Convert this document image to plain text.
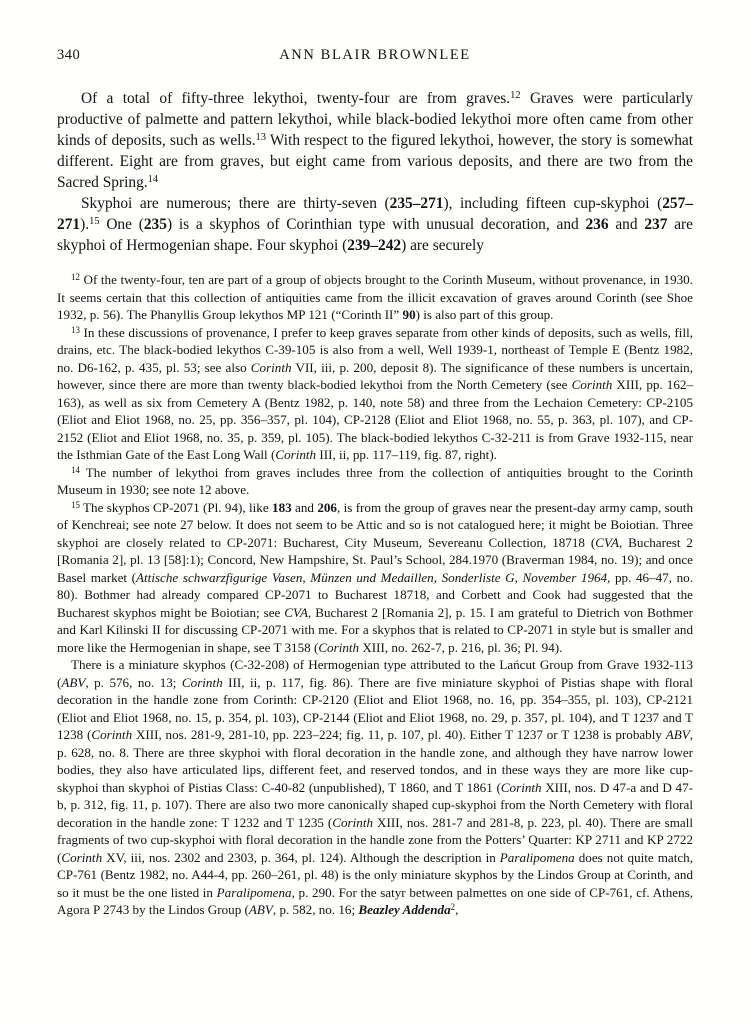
340	ANN BLAIR BROWNLEE

Of a total of fifty-three lekythoi, twenty-four are from graves.$^{12}$ Graves were particularly productive of palmette and pattern lekythoi, while black-bodied lekythoi more often came from other kinds of deposits, such as wells.$^{13}$ With respect to the figured lekythoi, however, the story is somewhat different. Eight are from graves, but eight came from various deposits, and there are two from the Sacred Spring.$^{14}$

Skyphoi are numerous; there are thirty-seven (235–271), including fifteen cup-skyphoi (257–271).$^{15}$ One (235) is a skyphos of Corinthian type with unusual decoration, and 236 and 237 are skyphoi of Hermogenian shape. Four skyphoi (239–242) are securely

$^{12}$ Of the twenty-four, ten are part of a group of objects brought to the Corinth Museum, without provenance, in 1930. It seems certain that this collection of antiquities came from the illicit excavation of graves around Corinth (see Shoe 1932, p. 56). The Phanyllis Group lekythos MP 121 (“Corinth II” 90) is also part of this group.

$^{13}$ In these discussions of provenance, I prefer to keep graves separate from other kinds of deposits, such as wells, fill, drains, etc. The black-bodied lekythos C-39-105 is also from a well, Well 1939-1, northeast of Temple E (Bentz 1982, no. D6-162, p. 435, pl. 53; see also Corinth VII, iii, p. 200, deposit 8). The significance of these numbers is uncertain, however, since there are more than twenty black-bodied lekythoi from the North Cemetery (see Corinth XIII, pp. 162–163), as well as six from Cemetery A (Bentz 1982, p. 140, note 58) and three from the Lechaion Cemetery: CP-2105 (Eliot and Eliot 1968, no. 25, pp. 356–357, pl. 104), CP-2128 (Eliot and Eliot 1968, no. 55, p. 363, pl. 107), and CP-2152 (Eliot and Eliot 1968, no. 35, p. 359, pl. 105). The black-bodied lekythos C-32-211 is from Grave 1932-115, near the Isthmian Gate of the East Long Wall (Corinth III, ii, pp. 117–119, fig. 87, right).

$^{14}$ The number of lekythoi from graves includes three from the collection of antiquities brought to the Corinth Museum in 1930; see note 12 above.

$^{15}$ The skyphos CP-2071 (Pl. 94), like 183 and 206, is from the group of graves near the present-day army camp, south of Kenchreai; see note 27 below. It does not seem to be Attic and so is not catalogued here; it might be Boiotian. Three skyphoi are closely related to CP-2071: Bucharest, City Museum, Severeanu Collection, 18718 (CVA, Bucharest 2 [Romania 2], pl. 13 [58]:1); Concord, New Hampshire, St. Paul’s School, 284.1970 (Braverman 1984, no. 19); and once Basel market (Attische schwarzfigurige Vasen, Münzen und Medaillen, Sonderliste G, November 1964, pp. 46–47, no. 80). Bothmer had already compared CP-2071 to Bucharest 18718, and Corbett and Cook had suggested that the Bucharest skyphos might be Boiotian; see CVA, Bucharest 2 [Romania 2], p. 15. I am grateful to Dietrich von Bothmer and Karl Kilinski II for discussing CP-2071 with me. For a skyphos that is related to CP-2071 in style but is smaller and more like the Hermogenian in shape, see T 3158 (Corinth XIII, no. 262-7, p. 216, pl. 36; Pl. 94).

There is a miniature skyphos (C-32-208) of Hermogenian type attributed to the Lańcut Group from Grave 1932-113 (ABV, p. 576, no. 13; Corinth III, ii, p. 117, fig. 86). There are five miniature skyphoi of Pistias shape with floral decoration in the handle zone from Corinth: CP-2120 (Eliot and Eliot 1968, no. 16, pp. 354–355, pl. 103), CP-2121 (Eliot and Eliot 1968, no. 15, p. 354, pl. 103), CP-2144 (Eliot and Eliot 1968, no. 29, p. 357, pl. 104), and T 1237 and T 1238 (Corinth XIII, nos. 281-9, 281-10, pp. 223–224; fig. 11, p. 107, pl. 40). Either T 1237 or T 1238 is probably ABV, p. 628, no. 8. There are three skyphoi with floral decoration in the handle zone, and although they have narrow lower bodies, they also have articulated lips, different feet, and reserved tondos, and in these ways they are more like cup-skyphoi than skyphoi of Pistias Class: C-40-82 (unpublished), T 1860, and T 1861 (Corinth XIII, nos. D 47-a and D 47-b, p. 312, fig. 11, p. 107). There are also two more canonically shaped cup-skyphoi from the North Cemetery with floral decoration in the handle zone: T 1232 and T 1235 (Corinth XIII, nos. 281-7 and 281-8, p. 223, pl. 40). There are small fragments of two cup-skyphoi with floral decoration in the handle zone from the Potters’ Quarter: KP 2711 and KP 2722 (Corinth XV, iii, nos. 2302 and 2303, p. 364, pl. 124). Although the description in Paralipomena does not quite match, CP-761 (Bentz 1982, no. A44-4, pp. 260–261, pl. 48) is the only miniature skyphos by the Lindos Group at Corinth, and so it must be the one listed in Paralipomena, p. 290. For the satyr between palmettes on one side of CP-761, cf. Athens, Agora P 2743 by the Lindos Group (ABV, p. 582, no. 16; Beazley Addenda$^2$,
